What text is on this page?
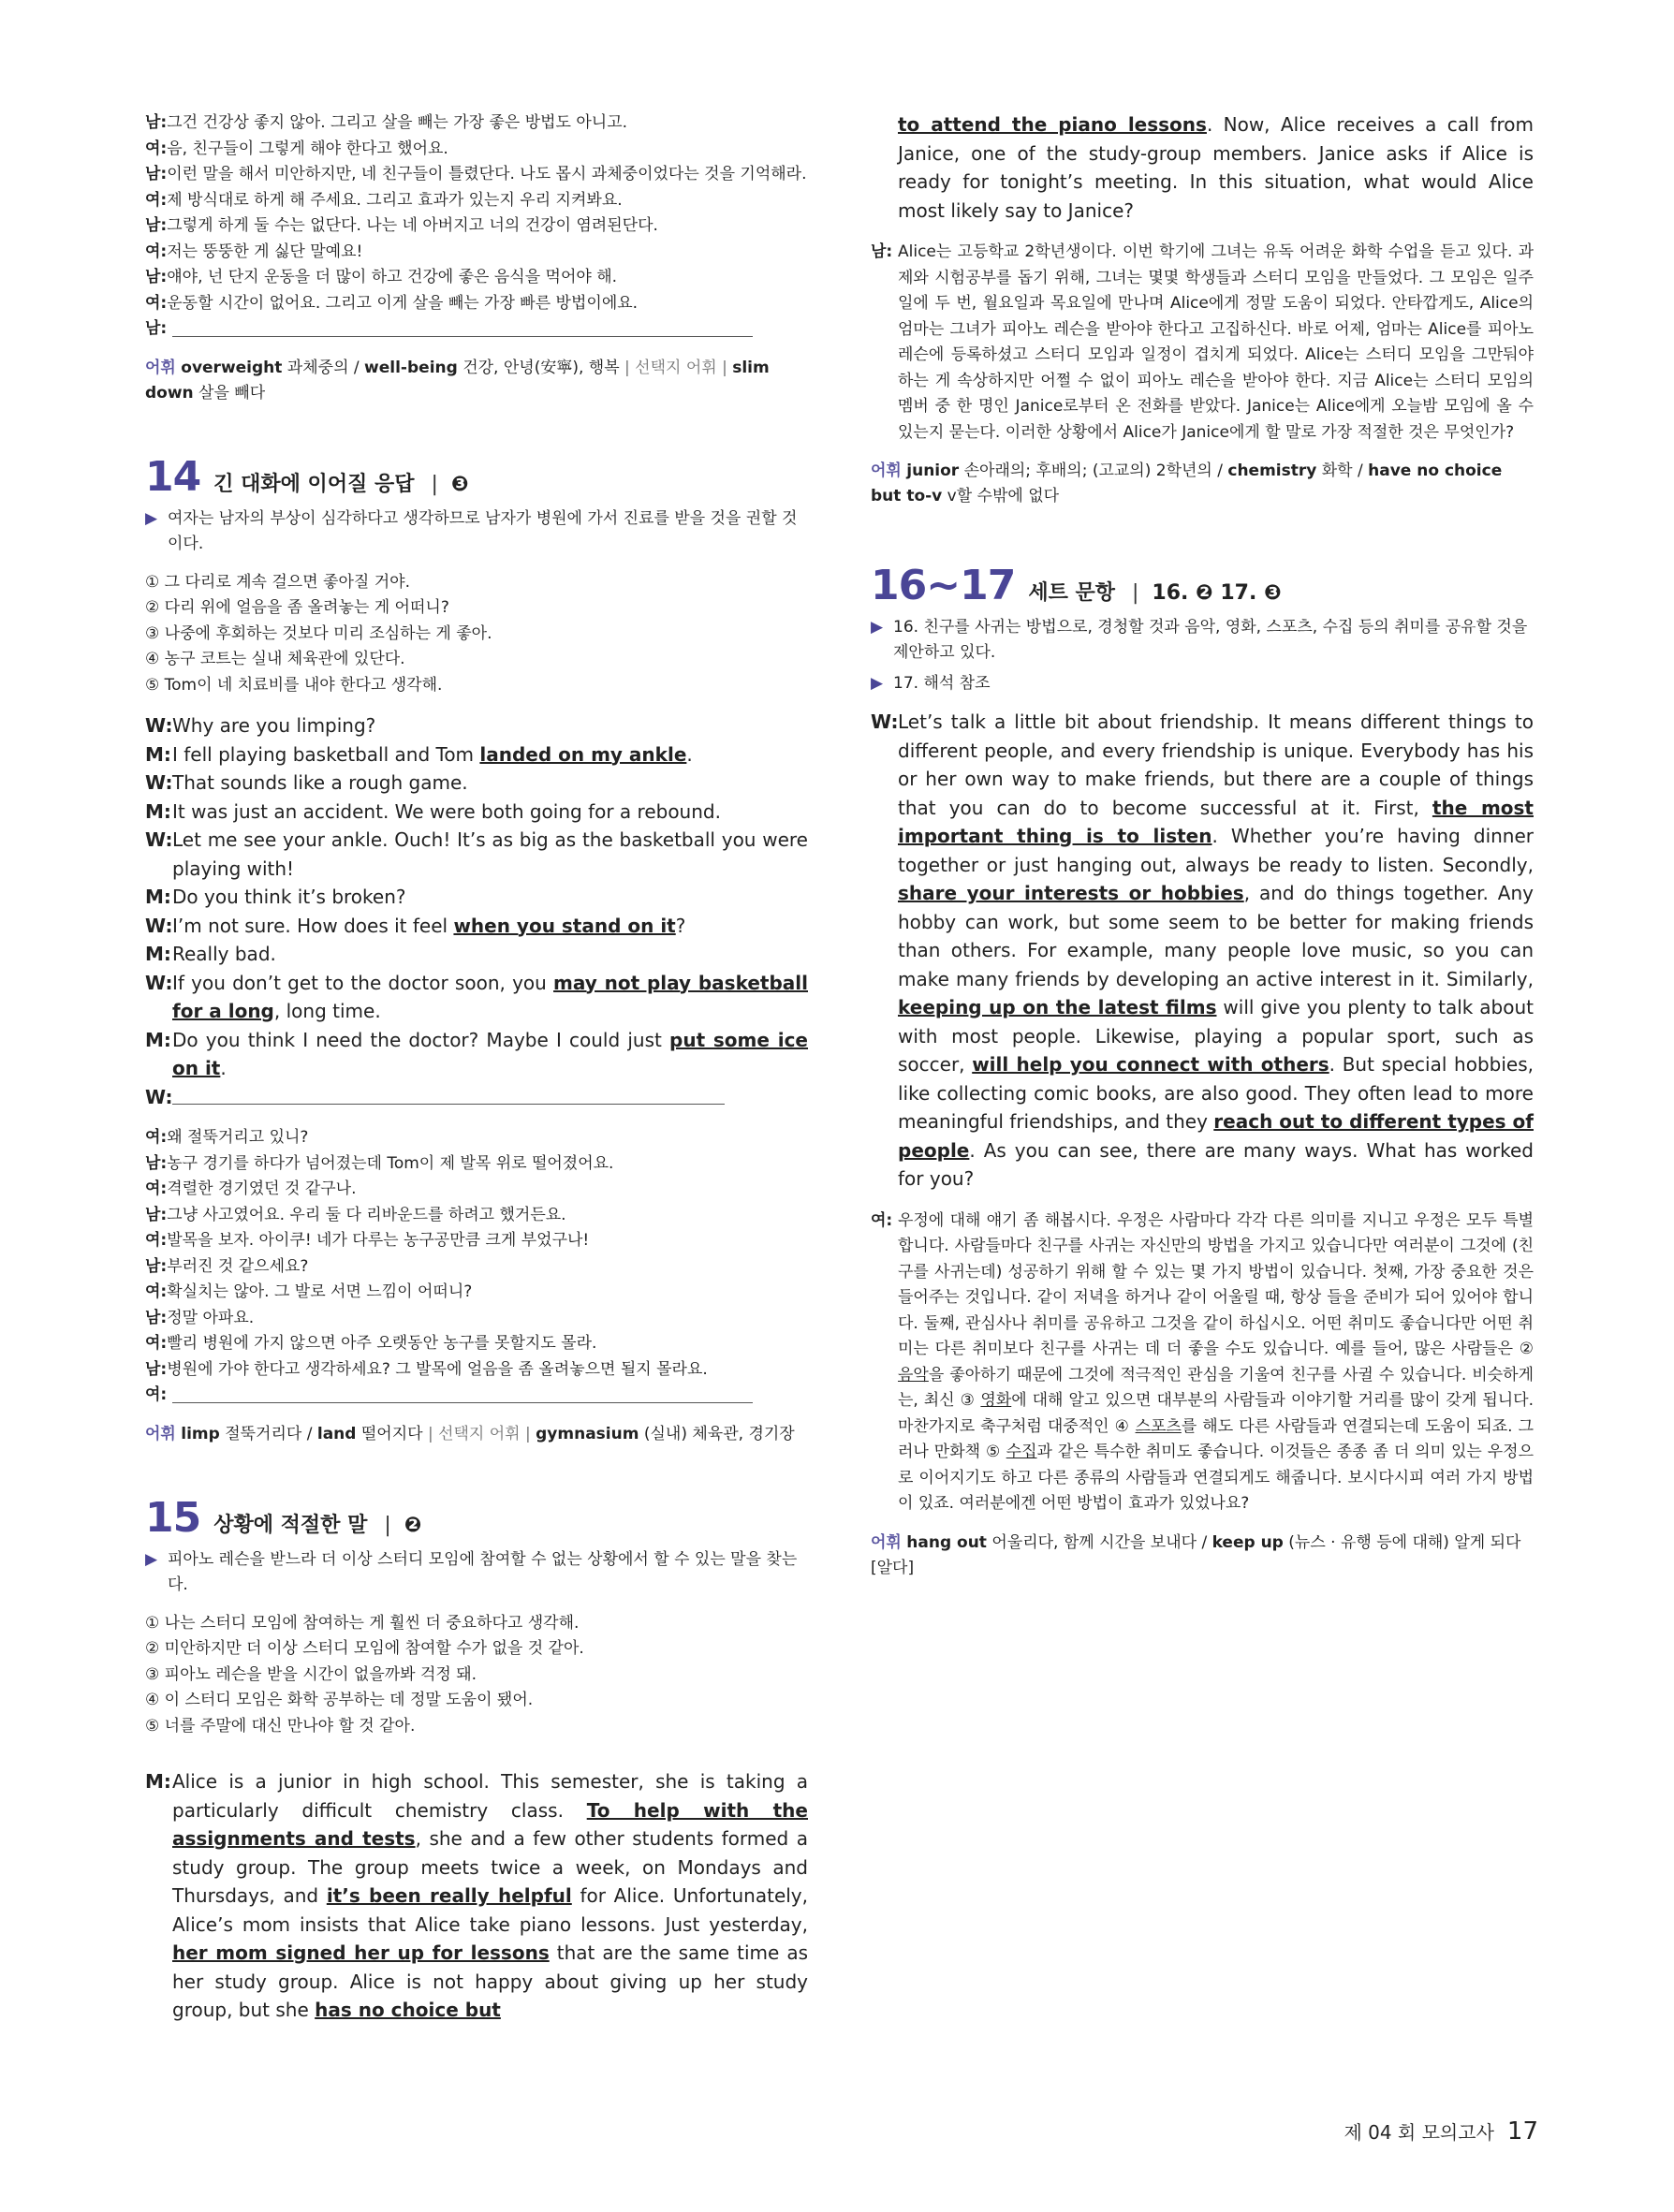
남: 그건 건강상 좋지 않아. 그리고 살을 빼는 가장 좋은 방법도 아니고.
여: 음, 친구들이 그렇게 해야 한다고 했어요.
남: 이런 말을 해서 미안하지만, 네 친구들이 틀렸단다. 나도 몹시 과체중이었다는 것을 기억해라.
여: 제 방식대로 하게 해 주세요. 그리고 효과가 있는지 우리 지켜봐요.
남: 그렇게 하게 둘 수는 없단다. 나는 네 아버지고 너의 건강이 염려된단다.
여: 저는 뚱뚱한 게 싫단 말예요!
남: 얘야, 넌 단지 운동을 더 많이 하고 건강에 좋은 음식을 먹어야 해.
여: 운동할 시간이 없어요. 그리고 이게 살을 빼는 가장 빠른 방법이에요.
남:
어휘 overweight 과체중의 / well-being 건강, 안녕(安寧), 행복 | 선택지 어휘 | slim down 살을 빼다
14 긴 대화에 이어질 응답 | ❸
▶ 여자는 남자의 부상이 심각하다고 생각하므로 남자가 병원에 가서 진료를 받을 것을 권할 것이다.
① 그 다리로 계속 걸으면 좋아질 거야.
② 다리 위에 얼음을 좀 올려놓는 게 어떠니?
③ 나중에 후회하는 것보다 미리 조심하는 게 좋아.
④ 농구 코트는 실내 체육관에 있단다.
⑤ Tom이 네 치료비를 내야 한다고 생각해.
W: Why are you limping?
M: I fell playing basketball and Tom landed on my ankle.
W: That sounds like a rough game.
M: It was just an accident. We were both going for a rebound.
W: Let me see your ankle. Ouch! It’s as big as the basketball you were playing with!
M: Do you think it’s broken?
W: I’m not sure. How does it feel when you stand on it?
M: Really bad.
W: If you don’t get to the doctor soon, you may not play basketball for a long, long time.
M: Do you think I need the doctor? Maybe I could just put some ice on it.
W:
여: 왜 절뚝거리고 있니?
남: 농구 경기를 하다가 넘어졌는데 Tom이 제 발목 위로 떨어졌어요.
여: 격렬한 경기였던 것 같구나.
남: 그냥 사고였어요. 우리 둘 다 리바운드를 하려고 했거든요.
여: 발목을 보자. 아이쿠! 네가 다루는 농구공만큼 크게 부었구나!
남: 부러진 것 같으세요?
여: 확실치는 않아. 그 발로 서면 느낌이 어떠니?
남: 정말 아파요.
여: 빨리 병원에 가지 않으면 아주 오랫동안 농구를 못할지도 몰라.
남: 병원에 가야 한다고 생각하세요? 그 발목에 얼음을 좀 올려놓으면 될지 몰라요.
여:
어휘 limp 절뚝거리다 / land 떨어지다 | 선택지 어휘 | gymnasium (실내) 체육관, 경기장
15 상황에 적절한 말 | ❷
▶ 피아노 레슨을 받느라 더 이상 스터디 모임에 참여할 수 없는 상황에서 할 수 있는 말을 찾는다.
① 나는 스터디 모임에 참여하는 게 훨씬 더 중요하다고 생각해.
② 미안하지만 더 이상 스터디 모임에 참여할 수가 없을 것 같아.
③ 피아노 레슨을 받을 시간이 없을까봐 걱정 돼.
④ 이 스터디 모임은 화학 공부하는 데 정말 도움이 됐어.
⑤ 너를 주말에 대신 만나야 할 것 같아.
M: Alice is a junior in high school. This semester, she is taking a particularly difficult chemistry class. To help with the assignments and tests, she and a few other students formed a study group. The group meets twice a week, on Mondays and Thursdays, and it’s been really helpful for Alice. Unfortunately, Alice’s mom insists that Alice take piano lessons. Just yesterday, her mom signed her up for lessons that are the same time as her study group. Alice is not happy about giving up her study group, but she has no choice but
to attend the piano lessons. Now, Alice receives a call from Janice, one of the study-group members. Janice asks if Alice is ready for tonight’s meeting. In this situation, what would Alice most likely say to Janice?
남: Alice는 고등학교 2학년생이다. 이번 학기에 그녀는 유독 어려운 화학 수업을 듣고 있다. 과제와 시험공부를 돕기 위해, 그녀는 몇몇 학생들과 스터디 모임을 만들었다. 그 모임은 일주일에 두 번, 월요일과 목요일에 만나며 Alice에게 정말 도움이 되었다. 안타깝게도, Alice의 엄마는 그녀가 피아노 레슨을 받아야 한다고 고집하신다. 바로 어제, 엄마는 Alice를 피아노 레슨에 등록하셨고 스터디 모임과 일정이 겹치게 되었다. Alice는 스터디 모임을 그만둬야 하는 게 속상하지만 어쩔 수 없이 피아노 레슨을 받아야 한다. 지금 Alice는 스터디 모임의 멤버 중 한 명인 Janice로부터 온 전화를 받았다. Janice는 Alice에게 오늘밤 모임에 올 수 있는지 묻는다. 이러한 상황에서 Alice가 Janice에게 할 말로 가장 적절한 것은 무엇인가?
어휘 junior 손아래의; 후배의; (고교의) 2학년의 / chemistry 화학 / have no choice but to-v v할 수밖에 없다
16~17 세트 문항 | 16. ❷ 17. ❸
▶ 16. 친구를 사귀는 방법으로, 경청할 것과 음악, 영화, 스포츠, 수집 등의 취미를 공유할 것을 제안하고 있다.
▶ 17. 해석 참조
W: Let’s talk a little bit about friendship. It means different things to different people, and every friendship is unique. Everybody has his or her own way to make friends, but there are a couple of things that you can do to become successful at it. First, the most important thing is to listen. Whether you’re having dinner together or just hanging out, always be ready to listen. Secondly, share your interests or hobbies, and do things together. Any hobby can work, but some seem to be better for making friends than others. For example, many people love music, so you can make many friends by developing an active interest in it. Similarly, keeping up on the latest films will give you plenty to talk about with most people. Likewise, playing a popular sport, such as soccer, will help you connect with others. But special hobbies, like collecting comic books, are also good. They often lead to more meaningful friendships, and they reach out to different types of people. As you can see, there are many ways. What has worked for you?
여: 우정에 대해 얘기 좀 해봅시다. 우정은 사람마다 각각 다른 의미를 지니고 우정은 모두 특별합니다. 사람들마다 친구를 사귀는 자신만의 방법을 가지고 있습니다만 여러분이 그것에 (친구를 사귀는데) 성공하기 위해 할 수 있는 몇 가지 방법이 있습니다. 첫째, 가장 중요한 것은 들어주는 것입니다. 같이 저녁을 하거나 같이 어울릴 때, 항상 들을 준비가 되어 있어야 합니다. 둘째, 관심사나 취미를 공유하고 그것을 같이 하십시오. 어떤 취미도 좋습니다만 어떤 취미는 다른 취미보다 친구를 사귀는 데 더 좋을 수도 있습니다. 예를 들어, 많은 사람들은 ② 음악을 좋아하기 때문에 그것에 적극적인 관심을 기울여 친구를 사귈 수 있습니다. 비슷하게는, 최신 ③ 영화에 대해 알고 있으면 대부분의 사람들과 이야기할 거리를 많이 갖게 됩니다. 마찬가지로 축구처럼 대중적인 ④ 스포츠를 해도 다른 사람들과 연결되는데 도움이 되죠. 그러나 만화책 ⑤ 수집과 같은 특수한 취미도 좋습니다. 이것들은 종종 좀 더 의미 있는 우정으로 이어지기도 하고 다른 종류의 사람들과 연결되게도 해줍니다. 보시다시피 여러 가지 방법이 있죠. 여러분에겐 어떤 방법이 효과가 있었나요?
어휘 hang out 어울리다, 함께 시간을 보내다 / keep up (뉴스 · 유행 등에 대해) 알게 되다 [알다]
제 04 회 모의고사 17
